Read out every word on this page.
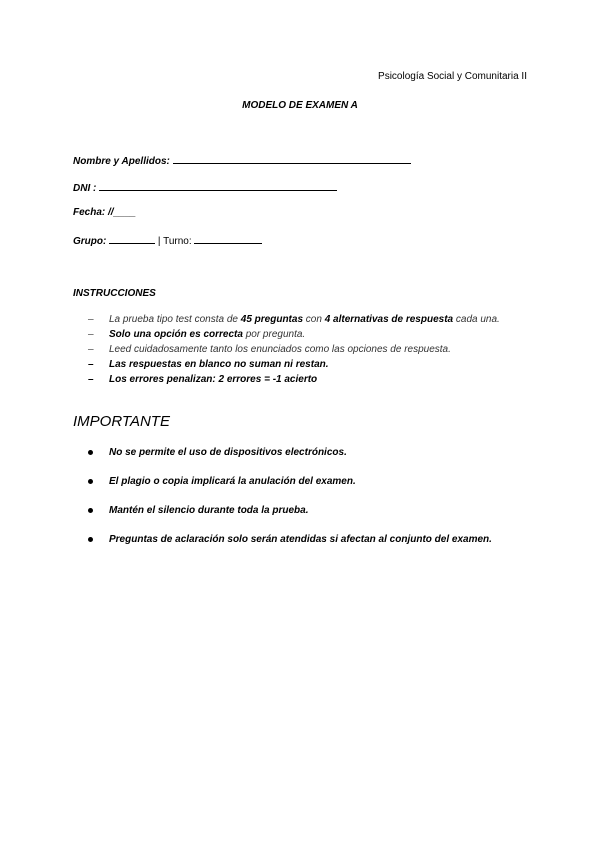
Psicología Social y Comunitaria II
MODELO DE EXAMEN A
Nombre y Apellidos:
DNI :
Fecha: //____
Grupo:	| Turno:
INSTRUCCIONES
– La prueba tipo test consta de 45 preguntas con 4 alternativas de respuesta cada una.
– Solo una opción es correcta por pregunta.
– Leed cuidadosamente tanto los enunciados como las opciones de respuesta.
– Las respuestas en blanco no suman ni restan.
– Los errores penalizan: 2 errores = -1 acierto
IMPORTANTE
No se permite el uso de dispositivos electrónicos.
El plagio o copia implicará la anulación del examen.
Mantén el silencio durante toda la prueba.
Preguntas de aclaración solo serán atendidas si afectan al conjunto del examen.
